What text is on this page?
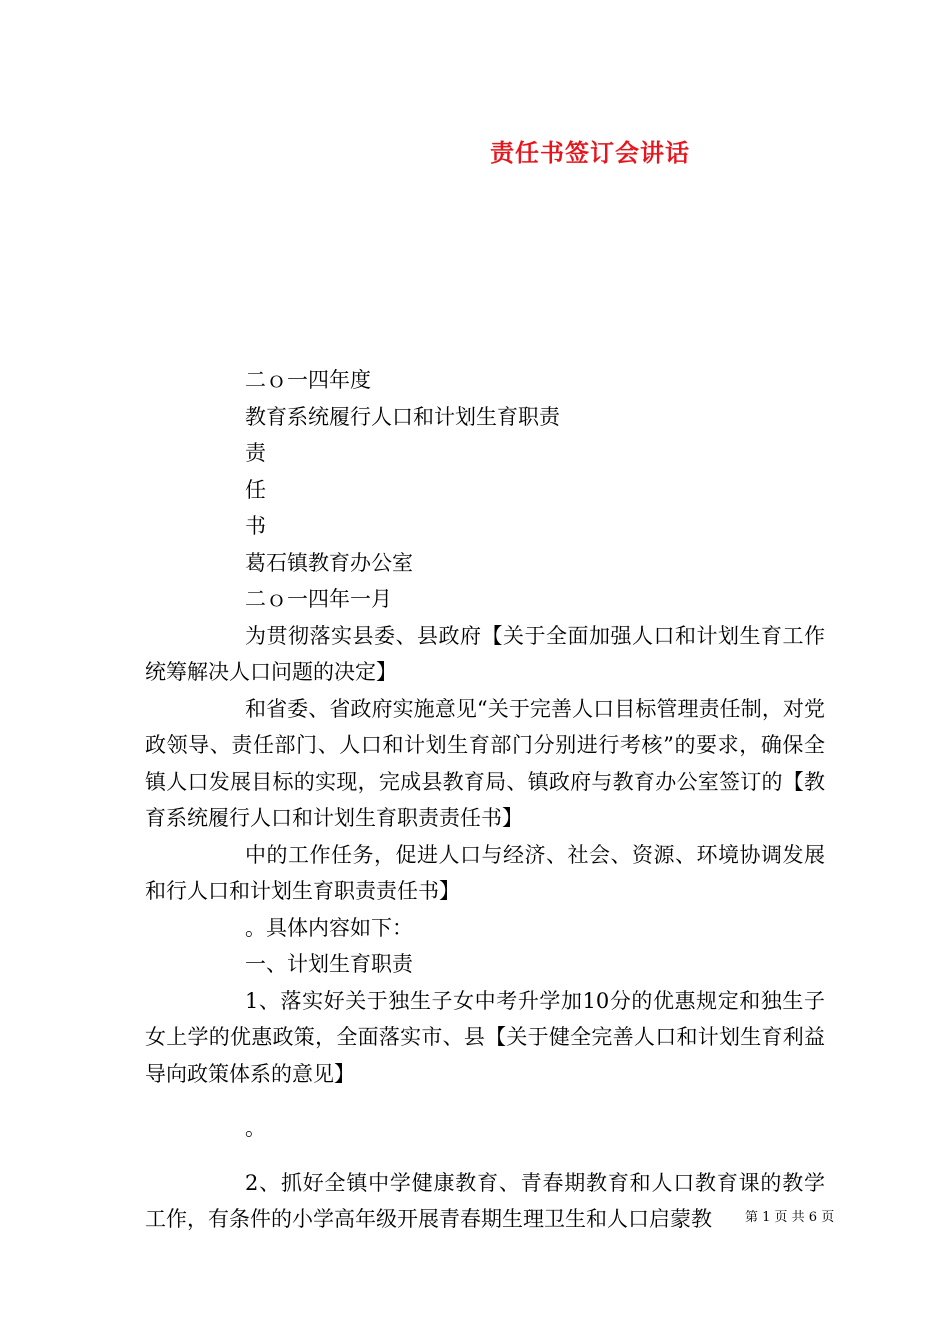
责任书签订会讲话

二ｏ一四年度

教育系统履行人口和计划生育职责

责

任

书

葛石镇教育办公室

二ｏ一四年一月

为贯彻落实县委、县政府【关于全面加强人口和计划生育工作统筹解决人口问题的决定】

和省委、省政府实施意见“关于完善人口目标管理责任制，对党政领导、责任部门、人口和计划生育部门分别进行考核”的要求，确保全镇人口发展目标的实现，完成县教育局、镇政府与教育办公室签订的【教育系统履行人口和计划生育职责责任书】

中的工作任务，促进人口与经济、社会、资源、环境协调发展和行人口和计划生育职责责任书】

。具体内容如下：

一、计划生育职责

1、落实好关于独生子女中考升学加10分的优惠规定和独生子女上学的优惠政策，全面落实市、县【关于健全完善人口和计划生育利益导向政策体系的意见】

。

2、抓好全镇中学健康教育、青春期教育和人口教育课的教学工作，有条件的小学高年级开展青春期生理卫生和人口启蒙教	第 1 页 共 6 页
